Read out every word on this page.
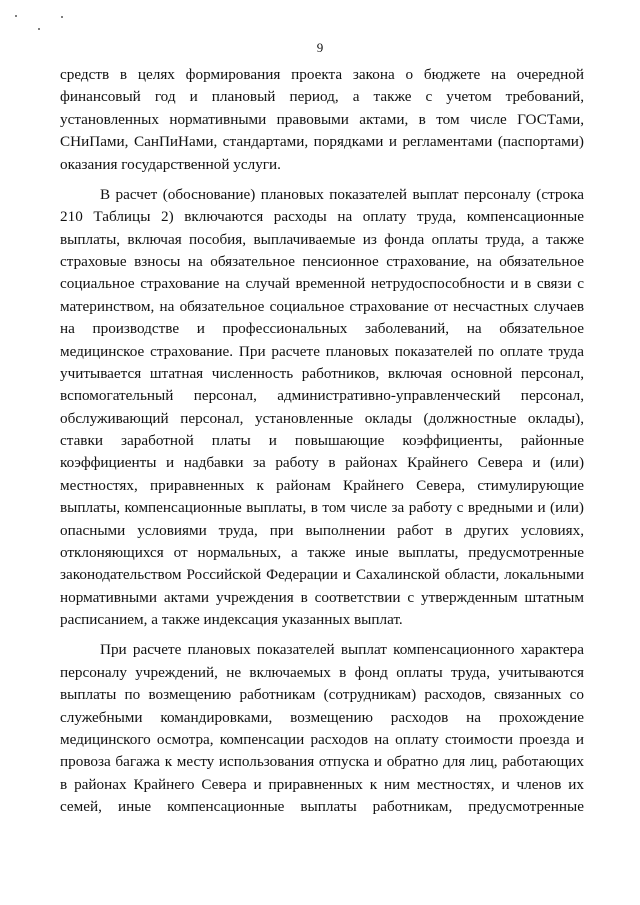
9
средств в целях формирования проекта закона о бюджете на очередной
финансовый год и плановый период, а также с учетом требований,
установленных нормативными правовыми актами, в том числе ГОСТами,
СНиПами, СанПиНами, стандартами, порядками и регламентами (паспортами)
оказания государственной услуги.
В расчет (обоснование) плановых показателей выплат персоналу (строка
210 Таблицы 2) включаются расходы на оплату труда, компенсационные
выплаты, включая пособия, выплачиваемые из фонда оплаты труда, а также
страховые взносы на обязательное пенсионное страхование, на обязательное
социальное страхование на случай временной нетрудоспособности и в связи с
материнством, на обязательное социальное страхование от несчастных случаев
на производстве и профессиональных заболеваний, на обязательное
медицинское страхование. При расчете плановых показателей по оплате труда
учитывается штатная численность работников, включая основной персонал,
вспомогательный персонал, административно-управленческий персонал,
обслуживающий персонал, установленные оклады (должностные оклады),
ставки заработной платы и повышающие коэффициенты, районные
коэффициенты и надбавки за работу в районах Крайнего Севера и (или)
местностях, приравненных к районам Крайнего Севера, стимулирующие
выплаты, компенсационные выплаты, в том числе за работу с вредными и (или)
опасными условиями труда, при выполнении работ в других условиях,
отклоняющихся от нормальных, а также иные выплаты, предусмотренные
законодательством Российской Федерации и Сахалинской области, локальными
нормативными актами учреждения в соответствии с утвержденным штатным
расписанием, а также индексация указанных выплат.
При расчете плановых показателей выплат компенсационного характера
персоналу учреждений, не включаемых в фонд оплаты труда, учитываются
выплаты по возмещению работникам (сотрудникам) расходов, связанных со
служебными командировками, возмещению расходов на прохождение
медицинского осмотра, компенсации расходов на оплату стоимости проезда и
провоза багажа к месту использования отпуска и обратно для лиц, работающих
в районах Крайнего Севера и приравненных к ним местностях, и членов их
семей, иные компенсационные выплаты работникам, предусмотренные
